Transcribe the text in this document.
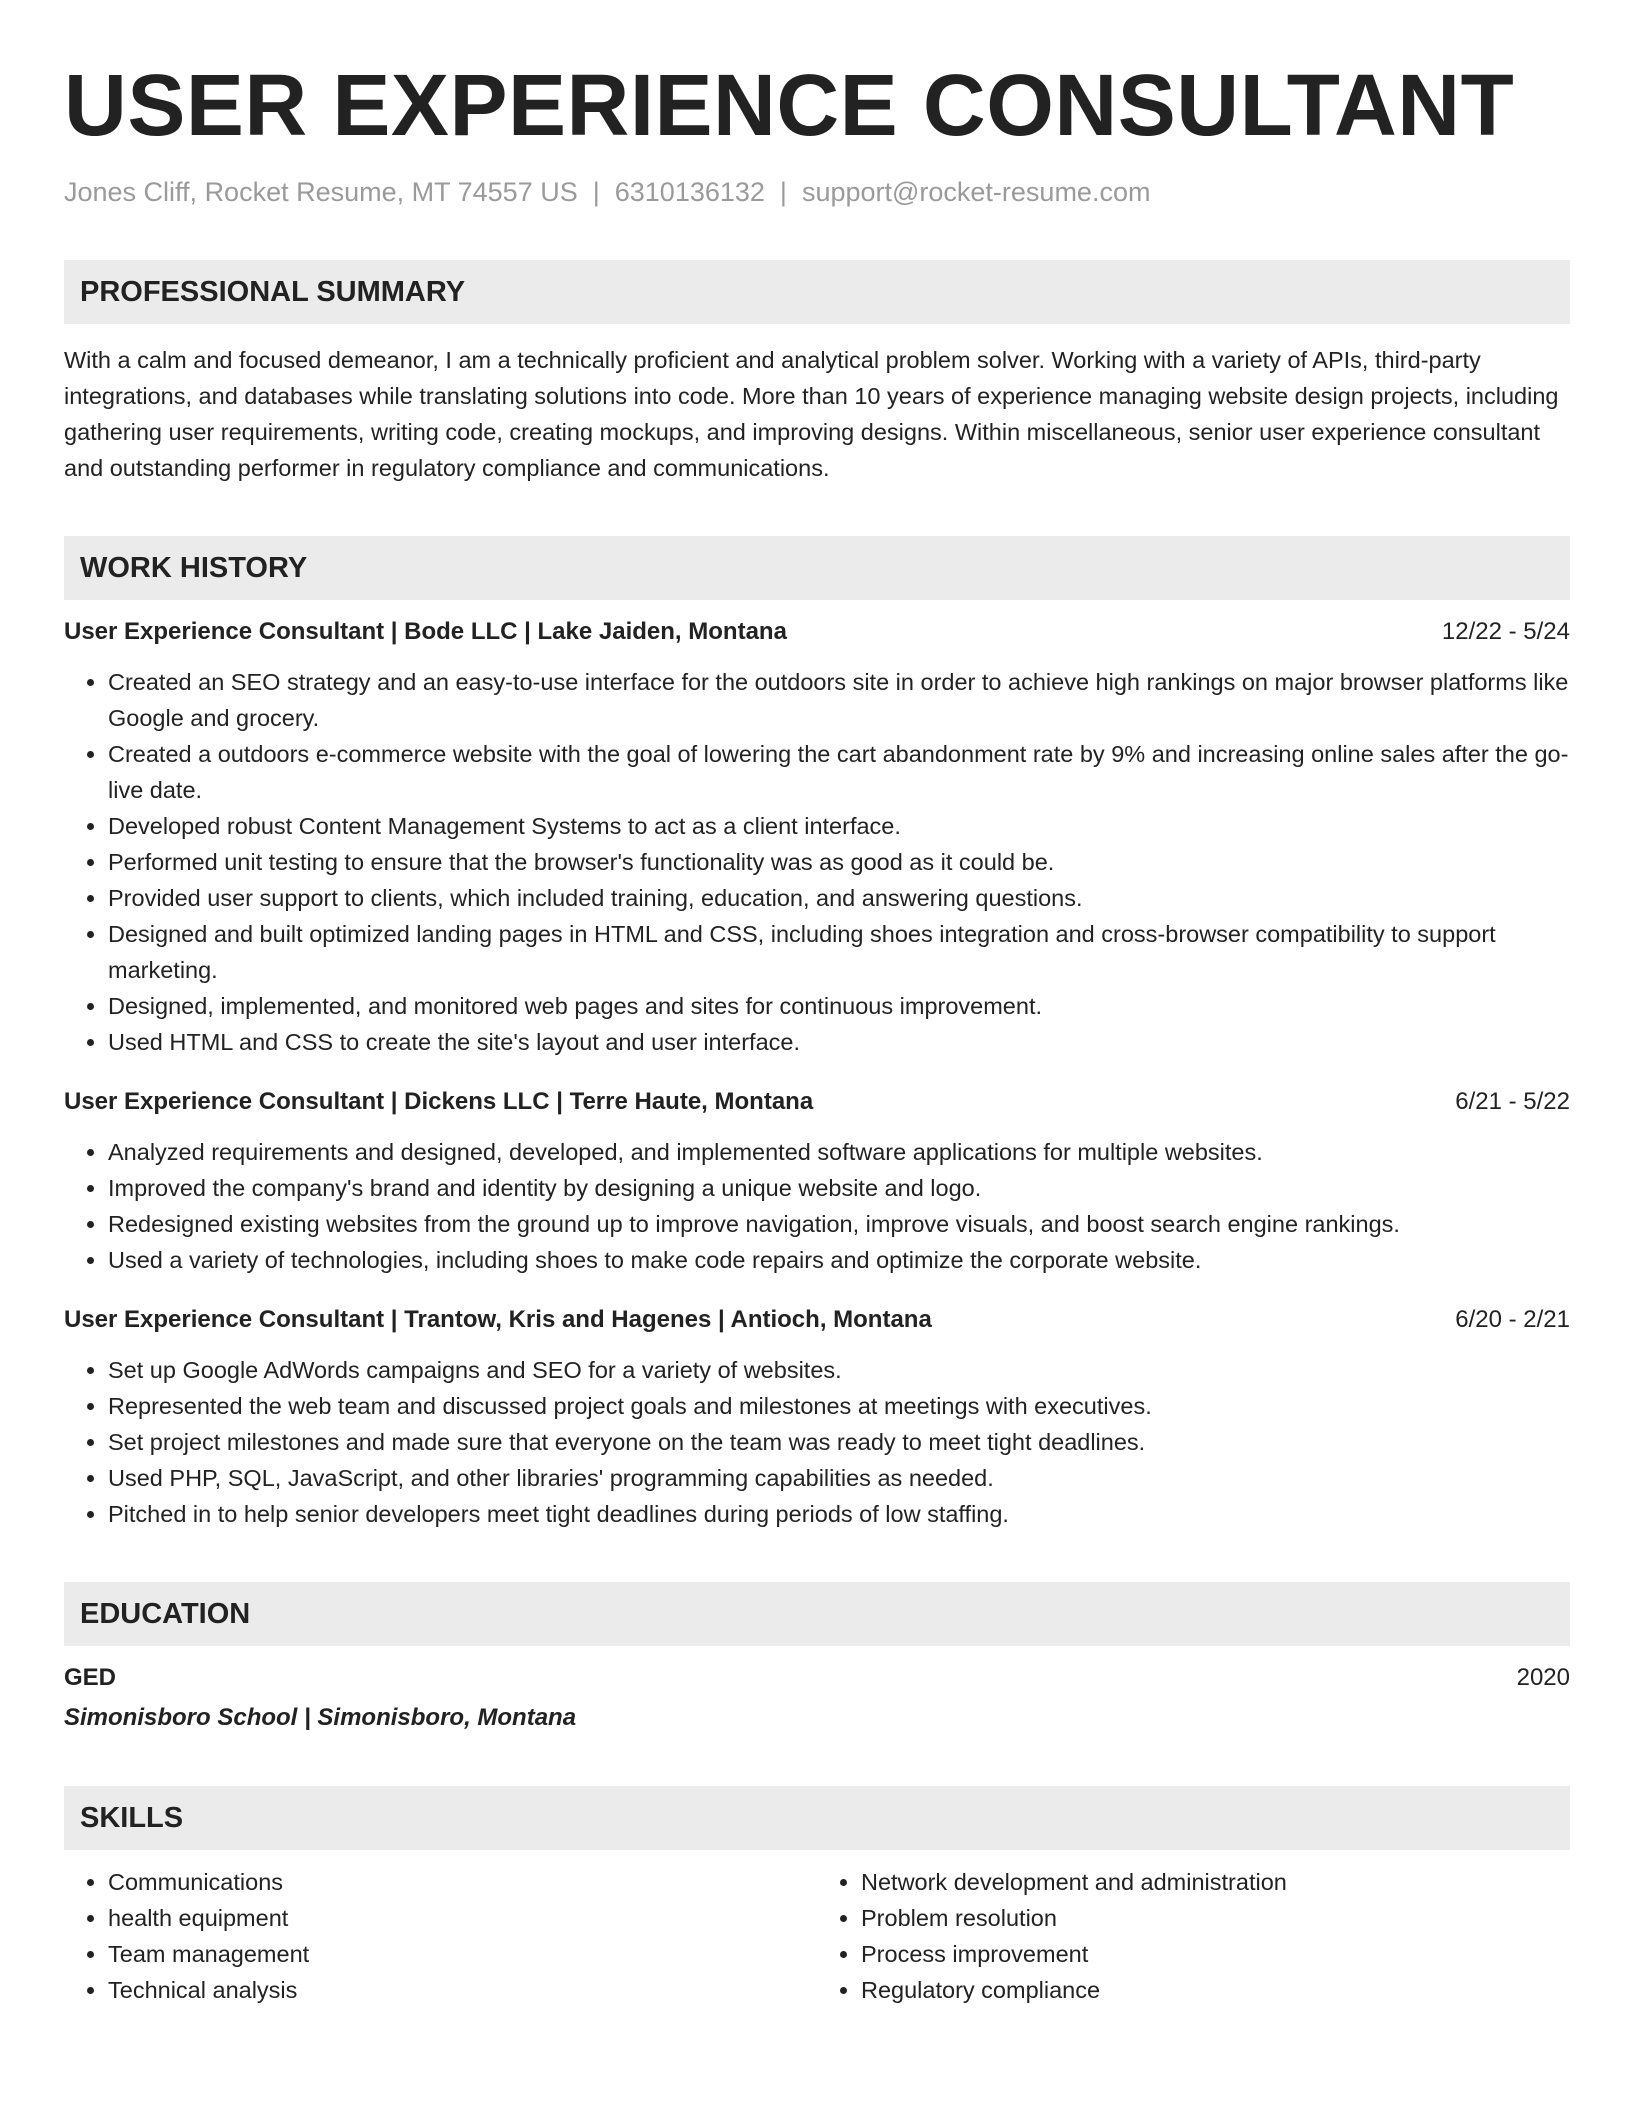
USER EXPERIENCE CONSULTANT
Jones Cliff, Rocket Resume, MT 74557 US | 6310136132 | support@rocket-resume.com
PROFESSIONAL SUMMARY
With a calm and focused demeanor, I am a technically proficient and analytical problem solver. Working with a variety of APIs, third-party integrations, and databases while translating solutions into code. More than 10 years of experience managing website design projects, including gathering user requirements, writing code, creating mockups, and improving designs. Within miscellaneous, senior user experience consultant and outstanding performer in regulatory compliance and communications.
WORK HISTORY
User Experience Consultant | Bode LLC | Lake Jaiden, Montana	12/22 - 5/24
• Created an SEO strategy and an easy-to-use interface for the outdoors site in order to achieve high rankings on major browser platforms like Google and grocery.
• Created a outdoors e-commerce website with the goal of lowering the cart abandonment rate by 9% and increasing online sales after the go-live date.
• Developed robust Content Management Systems to act as a client interface.
• Performed unit testing to ensure that the browser's functionality was as good as it could be.
• Provided user support to clients, which included training, education, and answering questions.
• Designed and built optimized landing pages in HTML and CSS, including shoes integration and cross-browser compatibility to support marketing.
• Designed, implemented, and monitored web pages and sites for continuous improvement.
• Used HTML and CSS to create the site's layout and user interface.
User Experience Consultant | Dickens LLC | Terre Haute, Montana	6/21 - 5/22
• Analyzed requirements and designed, developed, and implemented software applications for multiple websites.
• Improved the company's brand and identity by designing a unique website and logo.
• Redesigned existing websites from the ground up to improve navigation, improve visuals, and boost search engine rankings.
• Used a variety of technologies, including shoes to make code repairs and optimize the corporate website.
User Experience Consultant | Trantow, Kris and Hagenes | Antioch, Montana	6/20 - 2/21
• Set up Google AdWords campaigns and SEO for a variety of websites.
• Represented the web team and discussed project goals and milestones at meetings with executives.
• Set project milestones and made sure that everyone on the team was ready to meet tight deadlines.
• Used PHP, SQL, JavaScript, and other libraries' programming capabilities as needed.
• Pitched in to help senior developers meet tight deadlines during periods of low staffing.
EDUCATION
GED	2020
Simonisboro School | Simonisboro, Montana
SKILLS
• Communications
• health equipment
• Team management
• Technical analysis
• Network development and administration
• Problem resolution
• Process improvement
• Regulatory compliance
